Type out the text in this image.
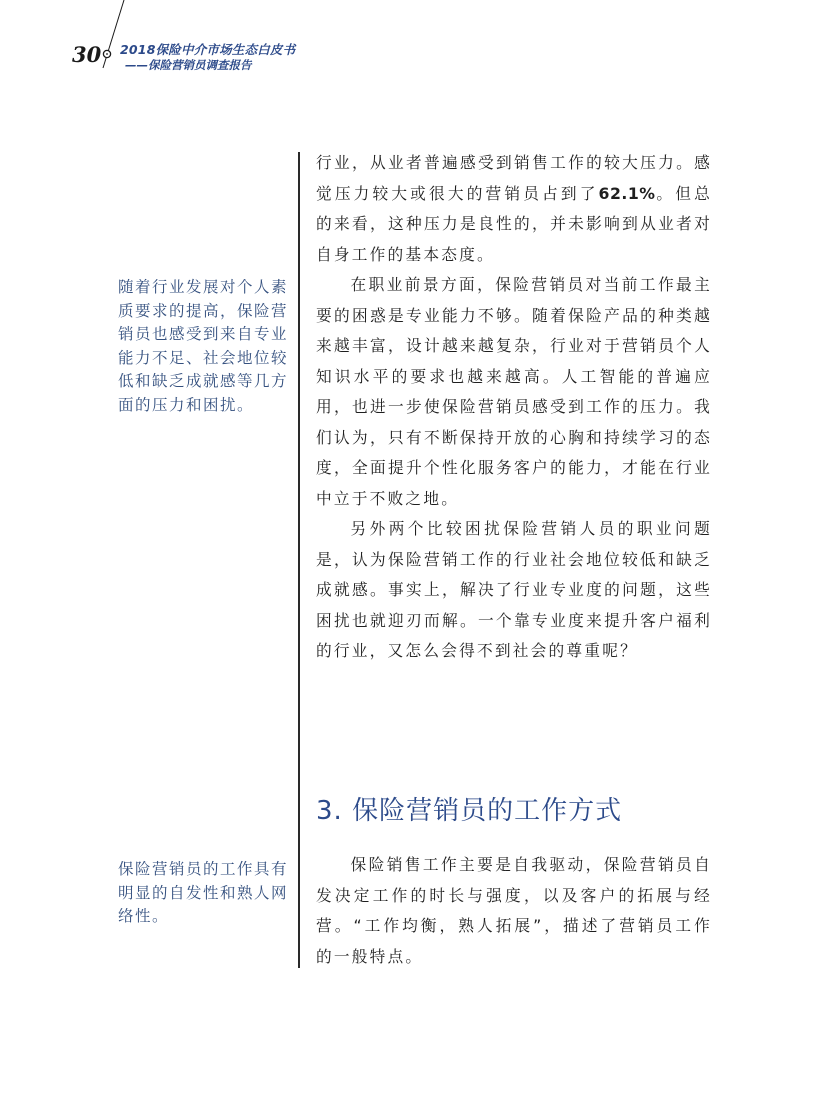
30 2018保险中介市场生态白皮书
——保险营销员调查报告
随着行业发展对个人素质要求的提高，保险营销员也感受到来自专业能力不足、社会地位较低和缺乏成就感等几方面的压力和困扰。
保险营销员的工作具有明显的自发性和熟人网络性。

行业，从业者普遍感受到销售工作的较大压力。感觉压力较大或很大的营销员占到了62.1%。但总的来看，这种压力是良性的，并未影响到从业者对自身工作的基本态度。

在职业前景方面，保险营销员对当前工作最主要的困惑是专业能力不够。随着保险产品的种类越来越丰富，设计越来越复杂，行业对于营销员个人知识水平的要求也越来越高。人工智能的普遍应用，也进一步使保险营销员感受到工作的压力。我们认为，只有不断保持开放的心胸和持续学习的态度，全面提升个性化服务客户的能力，才能在行业中立于不败之地。

另外两个比较困扰保险营销人员的职业问题是，认为保险营销工作的行业社会地位较低和缺乏成就感。事实上，解决了行业专业度的问题，这些困扰也就迎刃而解。一个靠专业度来提升客户福利的行业，又怎么会得不到社会的尊重呢？

3. 保险营销员的工作方式

保险销售工作主要是自我驱动，保险营销员自发决定工作的时长与强度，以及客户的拓展与经营。“工作均衡，熟人拓展”，描述了营销员工作的一般特点。
